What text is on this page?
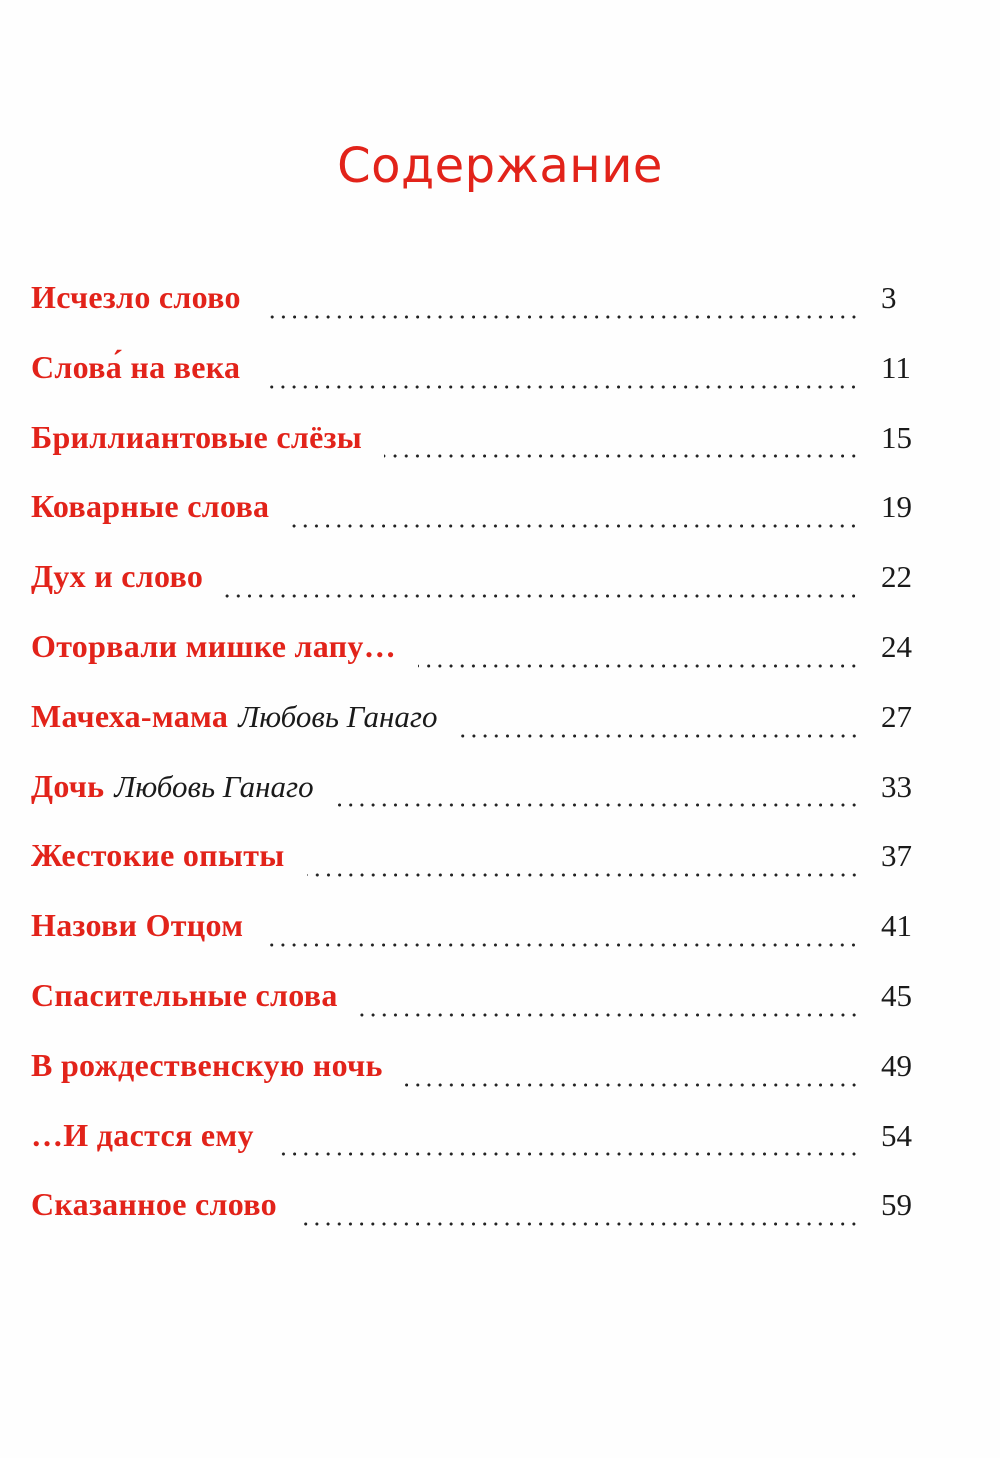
Содержание
Исчезло слово	3
Слова́ на века	11
Бриллиантовые слёзы	15
Коварные слова	19
Дух и слово	22
Оторвали мишке лапу…	24
Мачеха-мама Любовь Ганаго	27
Дочь Любовь Ганаго	33
Жестокие опыты	37
Назови Отцом	41
Спасительные слова	45
В рождественскую ночь	49
…И дастся ему	54
Сказанное слово	59
